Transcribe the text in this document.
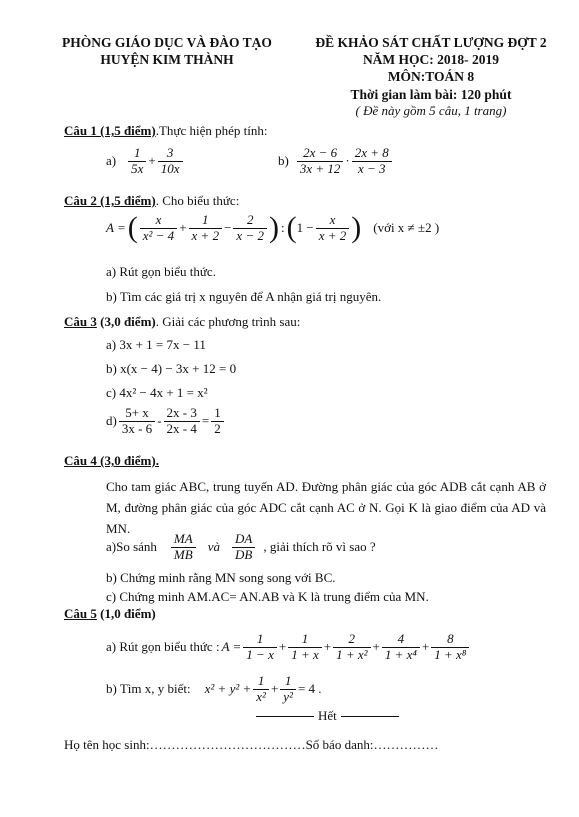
PHÒNG GIÁO DỤC VÀ ĐÀO TẠO
HUYỆN KIM THÀNH
ĐỀ KHẢO SÁT CHẤT LƯỢNG ĐỢT 2
NĂM HỌC: 2018- 2019
MÔN:TOÁN 8
Thời gian làm bài: 120 phút
( Đề này gồm 5 câu, 1 trang)
Câu 1 (1,5 điểm).Thực hiện phép tính:
$a) \frac{1}{5x} + \frac{3}{10x}$	$b) \frac{2x - 6}{3x + 12} \cdot \frac{2x + 8}{x - 3}$
Câu 2 (1,5 điểm). Cho biểu thức:
A = ( $\frac{x}{\text{x² − 4}} + \frac{1}{x + 2} - \frac{2}{x - 2}$ ) : ( $1 - \frac{x}{x + 2}$ ) (với x ≠ ±2 )
a) Rút gọn biểu thức.
b) Tìm các giá trị x nguyên để A nhận giá trị nguyên.
Câu 3 (3,0 điểm). Giải các phương trình sau:
a) 3x + 1 = 7x − 11
b) x(x − 4) − 3x + 12 = 0
c) 4x² − 4x + 1 = x²
$d) \frac{5+ x}{3x - 6} - \frac{2x - 3}{2x - 4} = \frac{1}{2}$
Câu 4 (3,0 điểm).
Cho tam giác ABC, trung tuyến AD. Đường phân giác của góc ADB cắt cạnh AB ở M, đường phân giác của góc ADC cắt cạnh AC ở N. Gọi K là giao điểm của AD và MN.
a)So sánh $\frac{MA}{MB}$ và $\frac{DA}{DB}$ , giải thích rõ vì sao ?
b) Chứng minh rằng MN song song với BC.
c) Chứng minh AM.AC= AN.AB và K là trung điểm của MN.
Câu 5 (1,0 điểm)
a) Rút gọn biểu thức : $A = \frac{1}{1 - x} + \frac{1}{1 + x} + \frac{2}{\text{1 + x²}} + \frac{4}{\text{1 + x⁴}} + \frac{8}{\text{1 + x⁸}}$
b) Tìm x, y biết: $x^2 + y^2 + \frac{1}{\text{x²}} + \frac{1}{\text{y²}} = 4$ .
Hết
Họ tên học sinh:………………………………Số báo danh:……………
